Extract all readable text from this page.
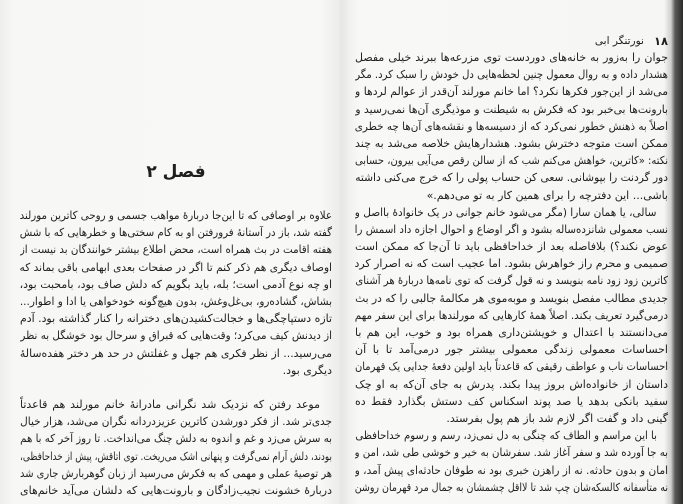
فصل ۲
علاوه بر اوصافی که تا این‌جا دربارهٔ مواهب جسمی و روحی کاترین مورلند
گفته شد، باز در آستانهٔ فرورفتن او به کام سختی‌ها و خطرهایی که با شش
هفته اقامت در بث همراه است، محض اطلاع بیشتر خوانندگان بد نیست از
اوصاف دیگری هم ذکر کنم تا اگر در صفحات بعدی ابهامی باقی بماند که
او چه نوع آدمی است؛ بله، باید بگویم که دلش صاف بود، بامحبت بود،
بشاش، گشاده‌رو، بی‌غل‌وغش، بدون هیچ‌گونه خودخواهی یا ادا و اطوار...
تازه دستپاچگی‌ها و خجالت‌کشیدن‌های دخترانه را کنار گذاشته بود. آدم
از دیدنش کیف می‌کرد؛ وقت‌هایی که قبراق و سرحال بود خوشگل به نظر
می‌رسید... از نظر فکری هم جهل و غفلتش در حد هر دختر هفده‌سالهٔ
دیگری بود.
موعد رفتن که نزدیک شد نگرانی مادرانهٔ خانم مورلند هم قاعدتاً
جدی‌تر شد. از فکر دورشدن کاترین عزیزدردانه نگران می‌شد، هزار خیال
به سرش می‌زد و غم و اندوه به دلش چنگ می‌انداخت. تا روز آخر که با هم
بودند، دلش آرام نمی‌گرفت و پنهانی اشک می‌ریخت. توی اتاقش، پیش از خداحافظی،
هر توصیهٔ عملی و مهمی که به فکرش می‌رسید از زبان گوهربارش جاری شد
دربارهٔ خشونت نجیب‌زادگان و بارونت‌هایی که دلشان می‌آید خانم‌های
۱۸
نورتنگر ابی
جوان را به‌زور به خانه‌های دوردست توی مزرعه‌ها ببرند خیلی مفصل
هشدار داده و به روال معمول چنین لحظه‌هایی دل خودش را سبک کرد. مگر
می‌شد از این‌جور فکرها نکرد؟ اما خانم مورلند آن‌قدر از عوالم لردها و
بارونت‌ها بی‌خبر بود که فکرش به شیطنت و موذیگری آن‌ها نمی‌رسید و
اصلاً به ذهنش خطور نمی‌کرد که از دسیسه‌ها و نقشه‌های آن‌ها چه خطری
ممکن است متوجه دخترش بشود. هشدارهایش خلاصه می‌شد به چند
نکته: «کاترین، خواهش می‌کنم شب که از سالن رقص می‌آیی بیرون، حسابی
دور گردنت را بپوشانی. سعی کن حساب پولی را که خرج می‌کنی داشته
باشی... این دفترچه را برای همین کار به تو می‌دهم.»
سالی، یا همان سارا (مگر می‌شود خانم جوانی در یک خانوادهٔ بااصل و
نسب معمولی شانزده‌ساله بشود و اگر اوضاع و احوال اجازه داد اسمش را
عوض نکند؟) بلافاصله بعد از خداحافظی باید تا آن‌جا که ممکن است
صمیمی و محرم راز خواهرش بشود. اما عجیب است که نه اصرار کرد
کاترین زود زود نامه بنویسد و نه قول گرفت که توی نامه‌ها دربارهٔ هر آشنای
جدیدی مطالب مفصل بنویسد و موبه‌موی هر مکالمهٔ جالبی را که در بث
درمی‌گیرد تعریف بکند. اصلاً همهٔ کارهایی که مورلندها برای این سفر مهم
می‌دانستند با اعتدال و خویشتن‌داری همراه بود و خوب، این هم با
احساسات معمولی زندگی معمولی بیشتر جور درمی‌آمد تا با آن
احساسات ناب و عواطف رقیقی که قاعدتاً باید اولین دفعهٔ جدایی یک قهرمان
داستان از خانواده‌اش بروز پیدا بکند. پدرش به جای آن‌که به او چک
سفید بانکی بدهد یا صد پوند اسکناس کف دستش بگذارد فقط ده
گینی داد و گفت اگر لازم شد باز هم پول بفرستد.
با این مراسم و الطاف که چنگی به دل نمی‌زد، رسم و رسوم خداحافظی
به جا آورده شد و سفر آغاز شد. سفرشان به خیر و خوشی طی شد، امن و
امان و بدون حادثه. نه از راهزن خبری بود نه طوفان حادثه‌ای پیش آمد، و
نه متأسفانه کالسکه‌شان چپ شد تا لااقل چشمشان به جمال مرد قهرمان روشن
